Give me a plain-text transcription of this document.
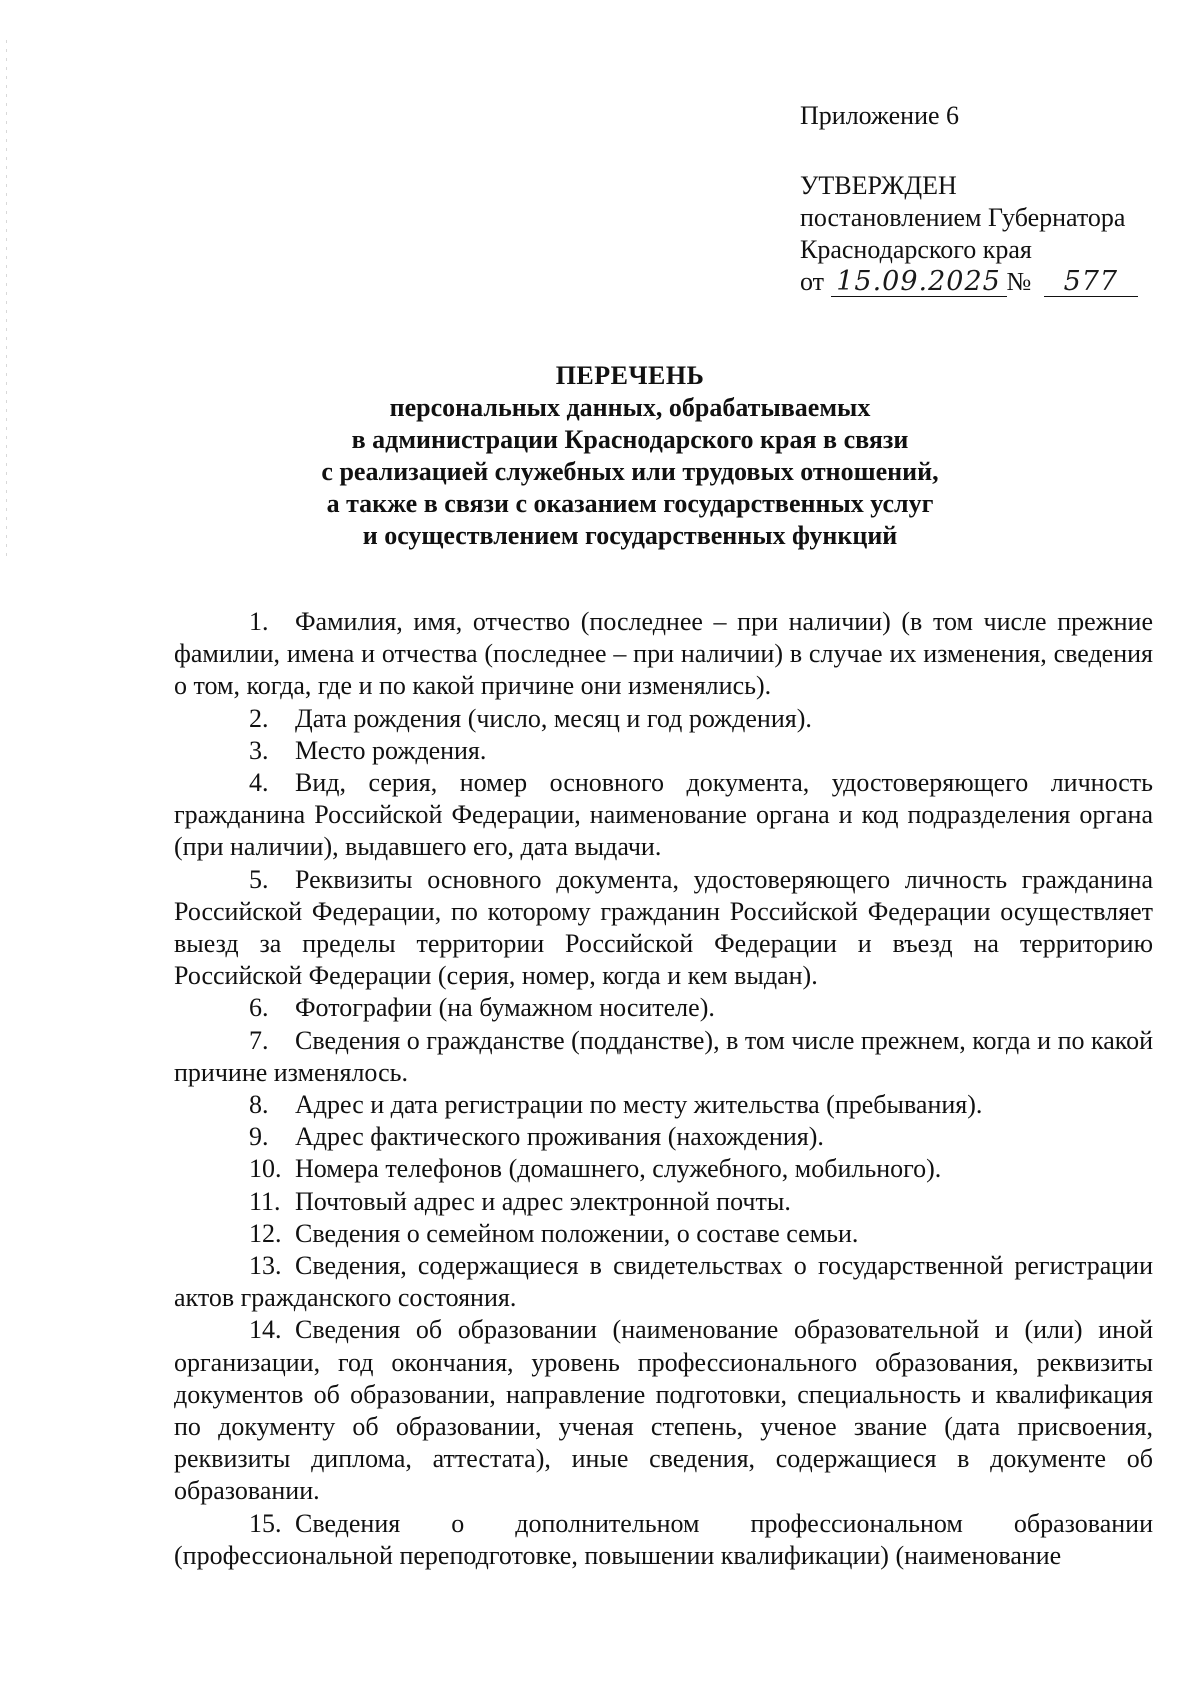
Приложение 6
УТВЕРЖДЕН
постановлением Губернатора
Краснодарского края
от 15.09.2025 № 577
ПЕРЕЧЕНЬ
персональных данных, обрабатываемых
в администрации Краснодарского края в связи
с реализацией служебных или трудовых отношений,
а также в связи с оказанием государственных услуг
и осуществлением государственных функций

1. Фамилия, имя, отчество (последнее – при наличии) (в том числе прежние фамилии, имена и отчества (последнее – при наличии) в случае их изменения, сведения о том, когда, где и по какой причине они изменялись).

2. Дата рождения (число, месяц и год рождения).

3. Место рождения.

4. Вид, серия, номер основного документа, удостоверяющего личность гражданина Российской Федерации, наименование органа и код подразделения органа (при наличии), выдавшего его, дата выдачи.

5. Реквизиты основного документа, удостоверяющего личность гражданина Российской Федерации, по которому гражданин Российской Федерации осуществляет выезд за пределы территории Российской Федерации и въезд на территорию Российской Федерации (серия, номер, когда и кем выдан).

6. Фотографии (на бумажном носителе).

7. Сведения о гражданстве (подданстве), в том числе прежнем, когда и по какой причине изменялось.

8. Адрес и дата регистрации по месту жительства (пребывания).

9. Адрес фактического проживания (нахождения).

10. Номера телефонов (домашнего, служебного, мобильного).

11. Почтовый адрес и адрес электронной почты.

12. Сведения о семейном положении, о составе семьи.

13. Сведения, содержащиеся в свидетельствах о государственной регистрации актов гражданского состояния.

14. Сведения об образовании (наименование образовательной и (или) иной организации, год окончания, уровень профессионального образования, реквизиты документов об образовании, направление подготовки, специальность и квалификация по документу об образовании, ученая степень, ученое звание (дата присвоения, реквизиты диплома, аттестата), иные сведения, содержащиеся в документе об образовании.

15. Сведения о дополнительном профессиональном образовании (профессиональной переподготовке, повышении квалификации) (наименование
